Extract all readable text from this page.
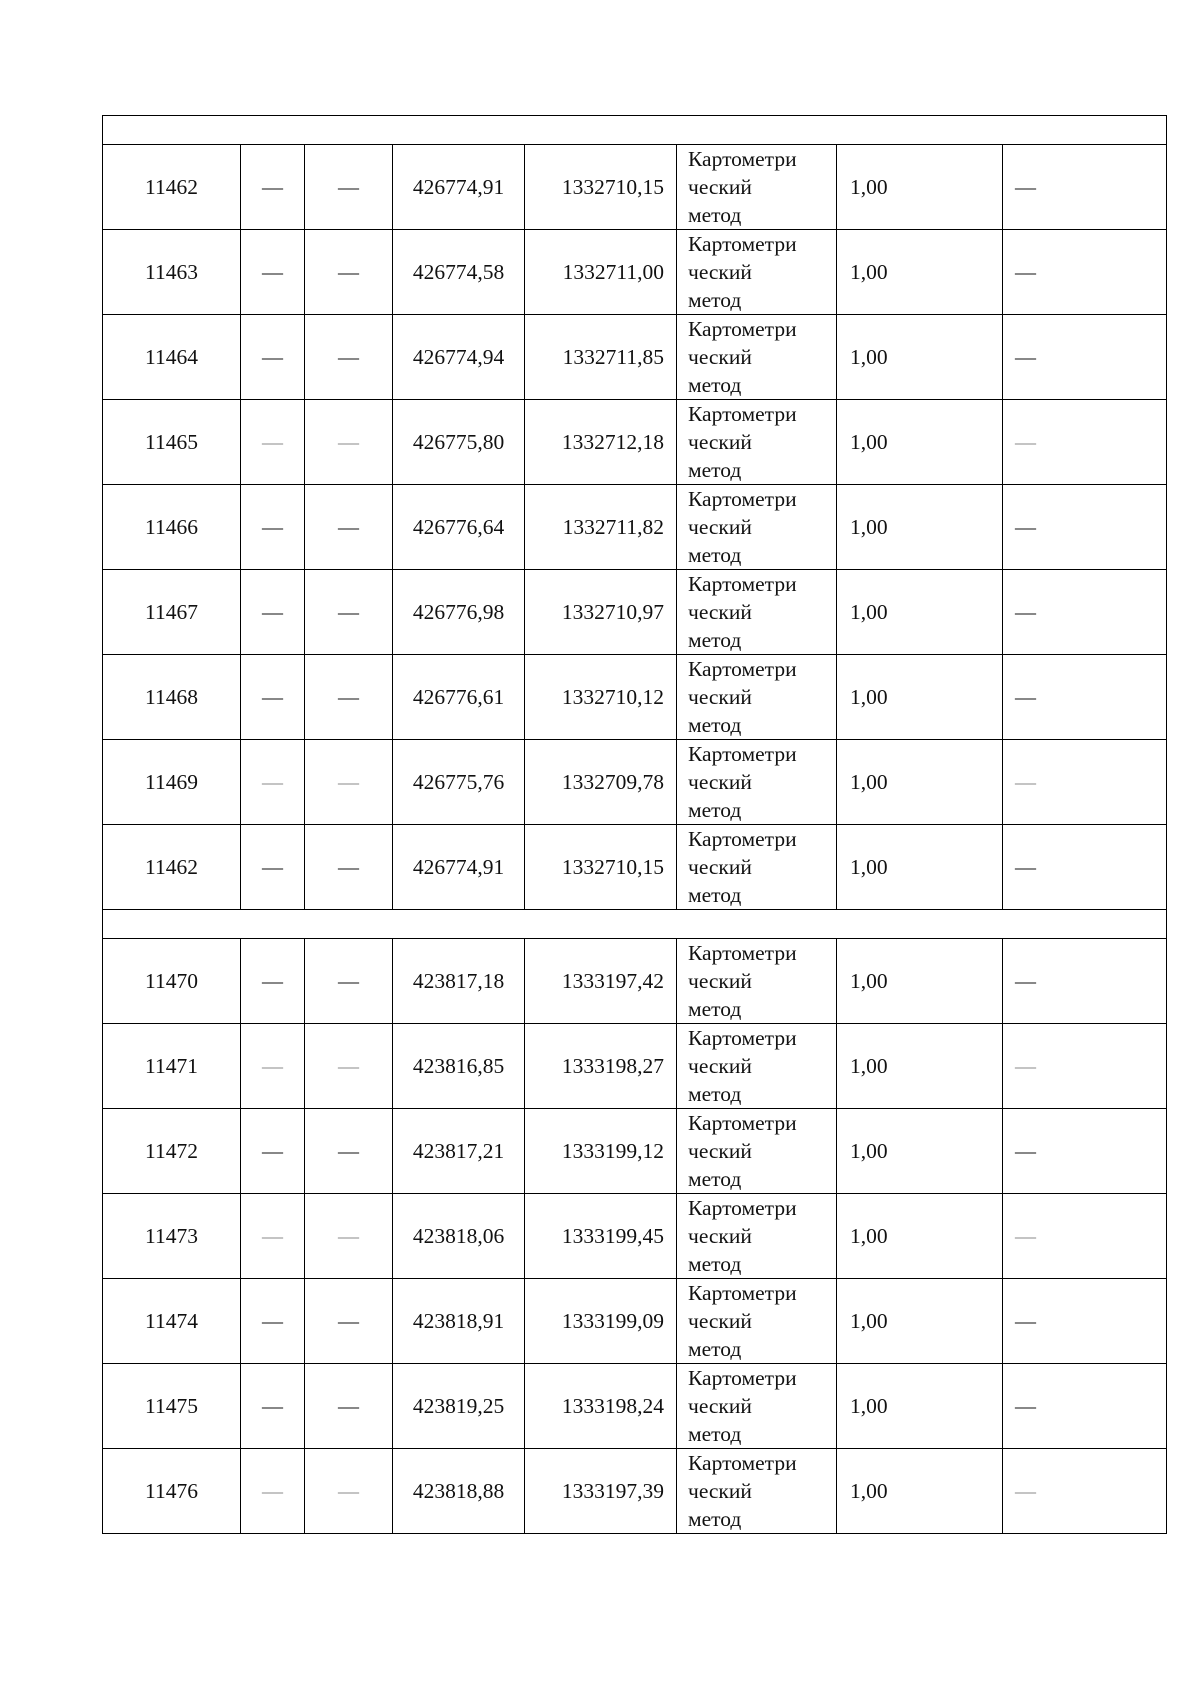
11462	—	—	426774,91	1332710,15	Картометри
ческий
метод	1,00	—
11463	—	—	426774,58	1332711,00	Картометри
ческий
метод	1,00	—
11464	—	—	426774,94	1332711,85	Картометри
ческий
метод	1,00	—
11465	—	—	426775,80	1332712,18	Картометри
ческий
метод	1,00	—
11466	—	—	426776,64	1332711,82	Картометри
ческий
метод	1,00	—
11467	—	—	426776,98	1332710,97	Картометри
ческий
метод	1,00	—
11468	—	—	426776,61	1332710,12	Картометри
ческий
метод	1,00	—
11469	—	—	426775,76	1332709,78	Картометри
ческий
метод	1,00	—
11462	—	—	426774,91	1332710,15	Картометри
ческий
метод	1,00	—

11470	—	—	423817,18	1333197,42	Картометри
ческий
метод	1,00	—
11471	—	—	423816,85	1333198,27	Картометри
ческий
метод	1,00	—
11472	—	—	423817,21	1333199,12	Картометри
ческий
метод	1,00	—
11473	—	—	423818,06	1333199,45	Картометри
ческий
метод	1,00	—
11474	—	—	423818,91	1333199,09	Картометри
ческий
метод	1,00	—
11475	—	—	423819,25	1333198,24	Картометри
ческий
метод	1,00	—
11476	—	—	423818,88	1333197,39	Картометри
ческий
метод	1,00	—
